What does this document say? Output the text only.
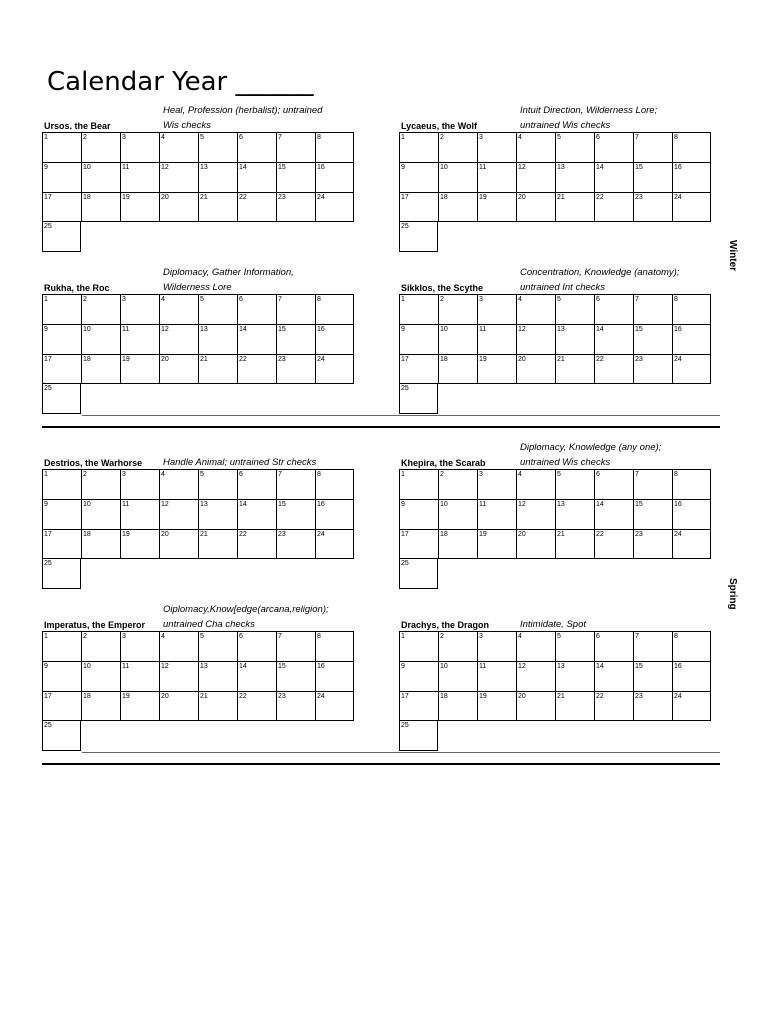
Calendar Year ______
Heal, Profession (herbalist); untrained
Wis checks
Ursos. the Bear
1	2	3	4	5	6	7	8
9	10	11	12	13	14	15	16
17	18	19	20	21	22	23	24
25
Intuit Direction, Wilderness Lore;
untrained Wis checks
Lycaeus, the Wolf
1	2	3	4	5	6	7	8
9	10	11	12	13	14	15	16
17	18	19	20	21	22	23	24
25
Diplomacy, Gather Information,
Wilderness Lore
Rukha, the Roc
1	2	3	4	5	6	7	8
9	10	11	12	13	14	15	16
17	18	19	20	21	22	23	24
25
Concentration, Knowledge (anatomy);
untrained Int checks
Sikklos, the Scythe
1	2	3	4	5	6	7	8
9	10	11	12	13	14	15	16
17	18	19	20	21	22	23	24
25
Handle Animal; untrained Str checks
Destrios, the Warhorse
1	2	3	4	5	6	7	8
9	10	11	12	13	14	15	16
17	18	19	20	21	22	23	24
25
Diplomacy, Knowledge (any one);
untrained Wis checks
Khepira, the Scarab
1	2	3	4	5	6	7	8
9	10	11	12	13	14	15	16
17	18	19	20	21	22	23	24
25
Oiplomacy,Know[edge(arcana,religion);
untrained Cha checks
Imperatus, the Emperor
1	2	3	4	5	6	7	8
9	10	11	12	13	14	15	16
17	18	19	20	21	22	23	24
25
Intimidate, Spot
Drachys, the Dragon
1	2	3	4	5	6	7	8
9	10	11	12	13	14	15	16
17	18	19	20	21	22	23	24
25
Winter
Spring
